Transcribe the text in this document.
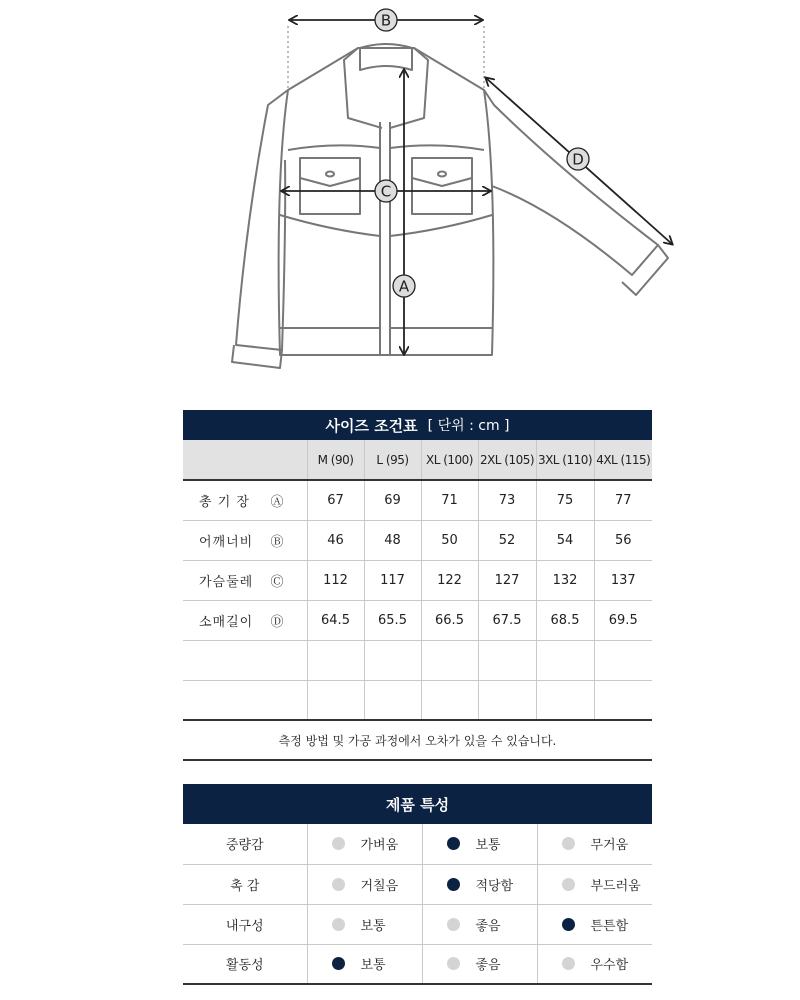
B
A
C
D
사이즈 조건표 [ 단위 : cm ]
	M (90)	L (95)	XL (100)	2XL (105)	3XL (110)	4XL (115)
총 기 장 Ⓐ	67	69	71	73	75	77
어깨너비 Ⓑ	46	48	50	52	54	56
가슴둘레 Ⓒ	112	117	122	127	132	137
소매길이 Ⓓ	64.5	65.5	66.5	67.5	68.5	69.5

측정 방법 및 가공 과정에서 오차가 있을 수 있습니다.
제품 특성
중량감	가벼움	보통	무거움

촉 감	거칠음	적당함	부드러움

내구성	보통	좋음	튼튼함

활동성	보통	좋음	우수함
